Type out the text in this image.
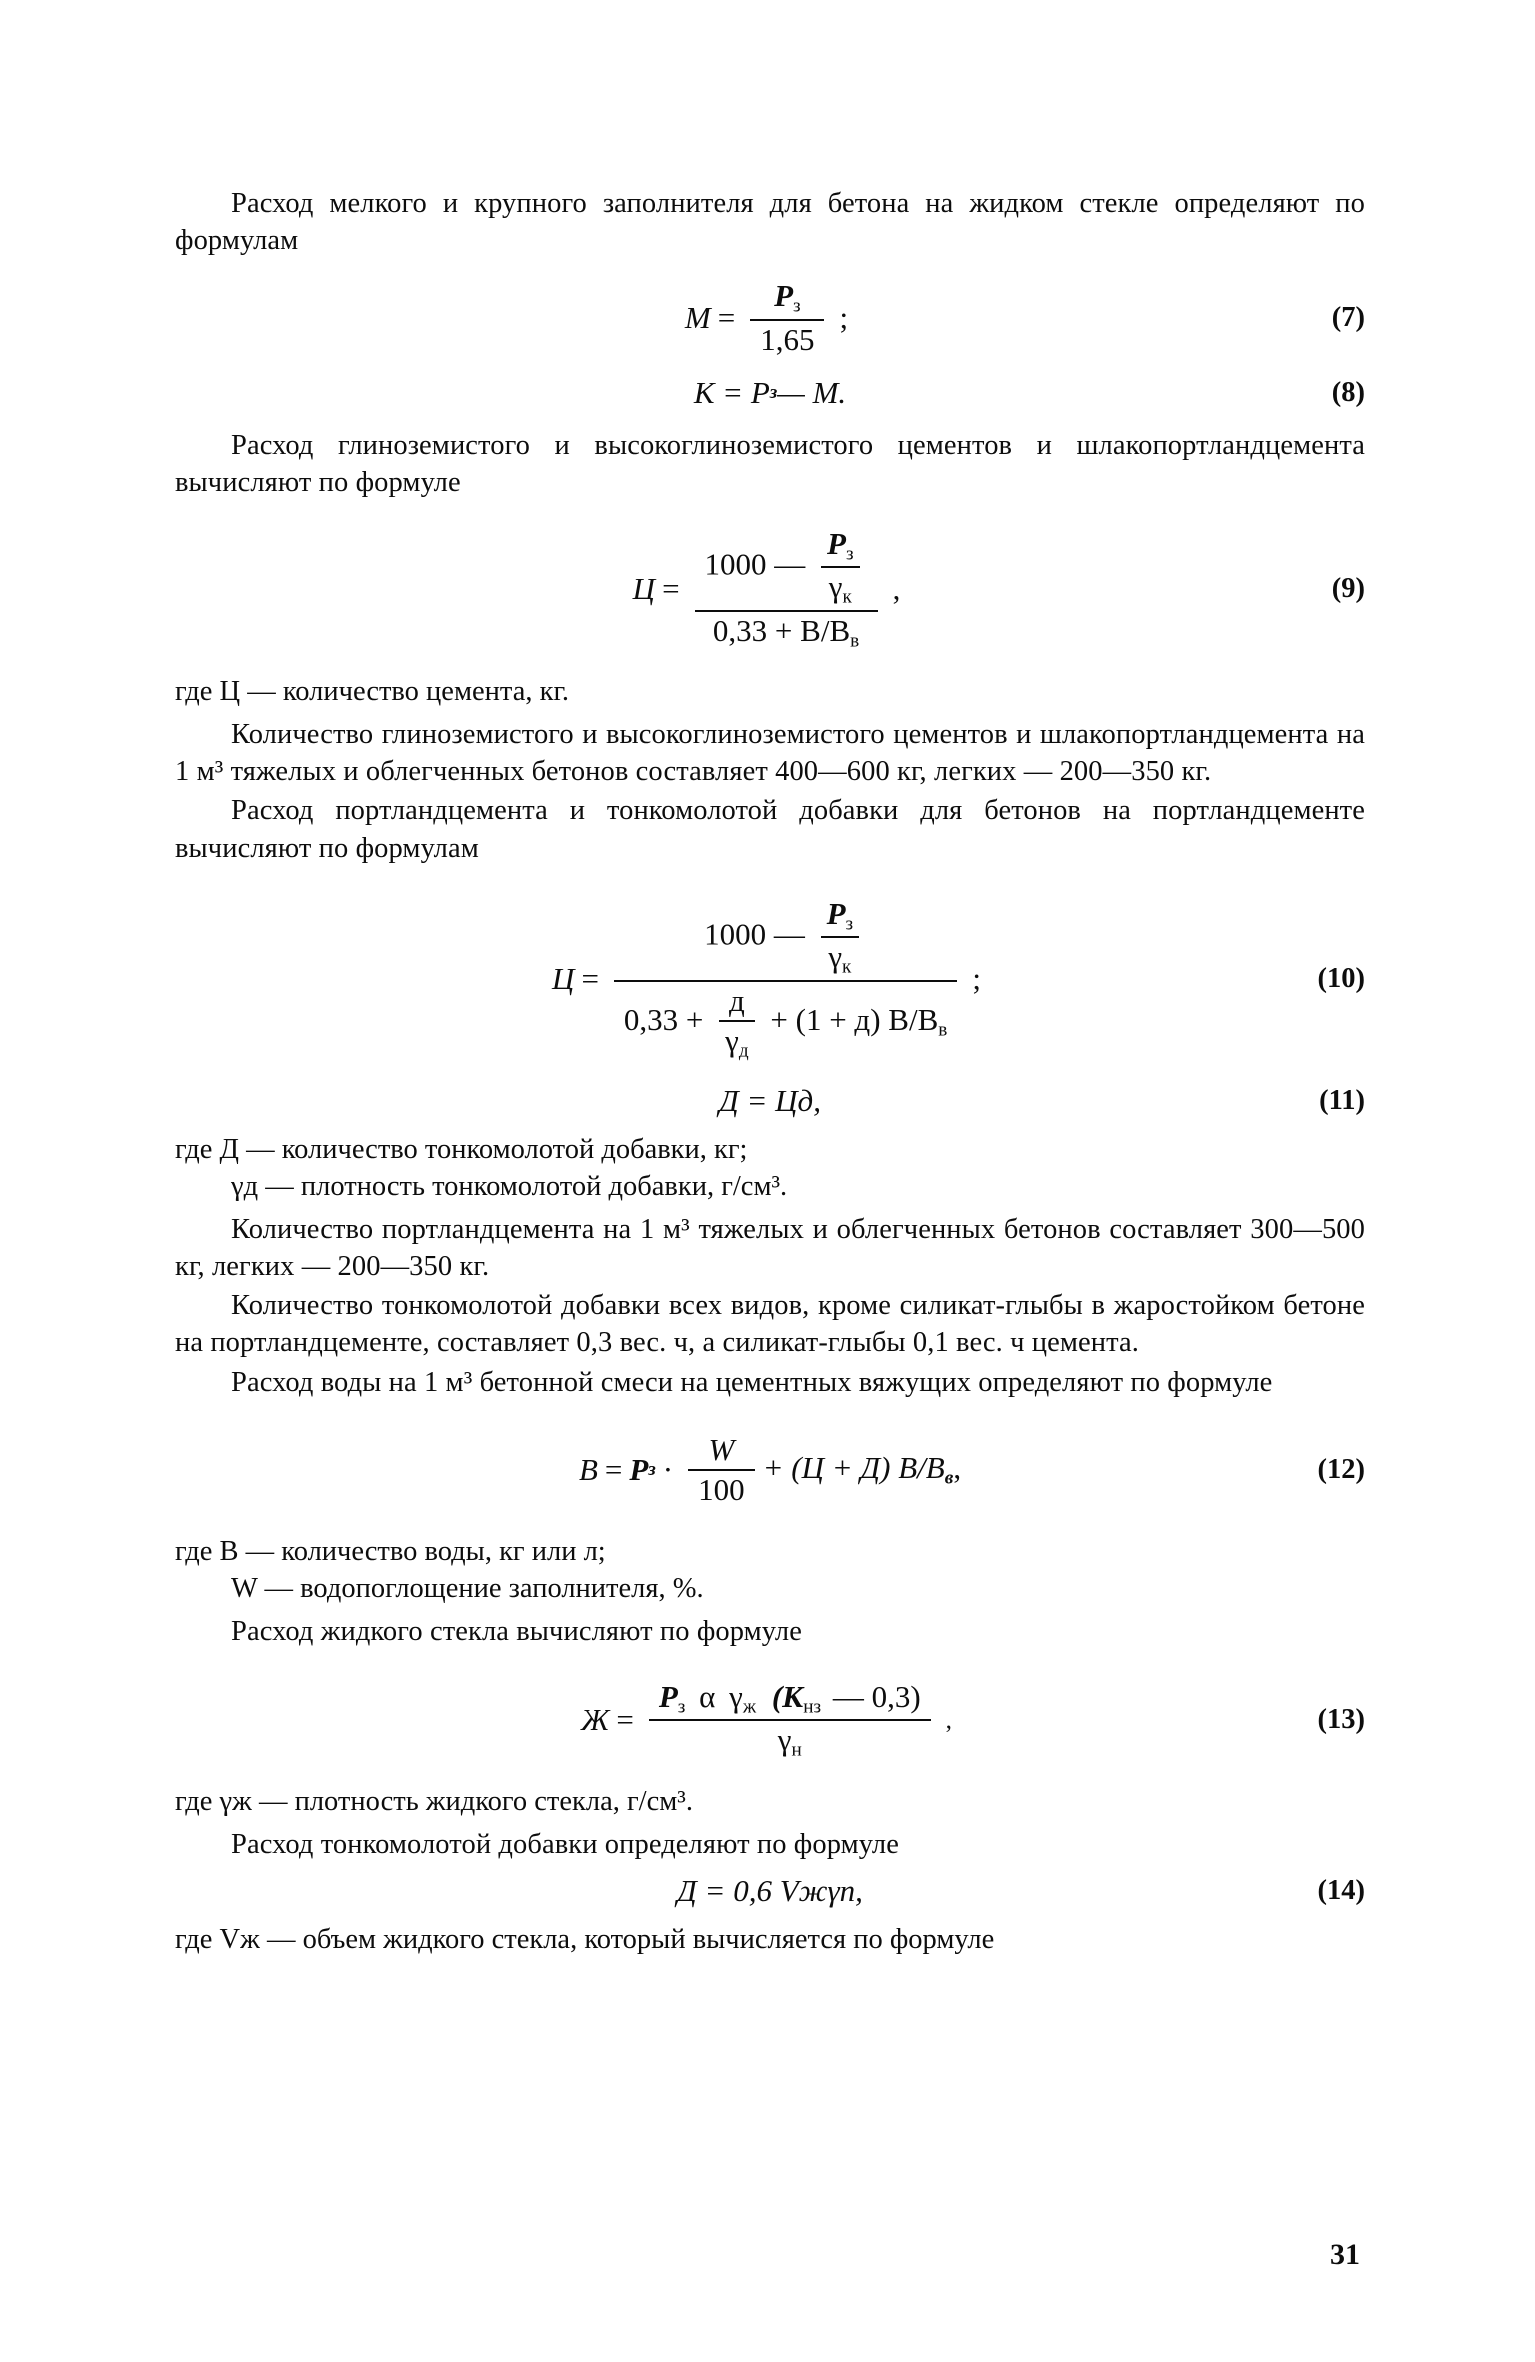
Расход мелкого и крупного заполнителя для бетона на жидком стекле определяют по формулам

$М = \frac{Р_з}{1,65}$ ;	(7)
К = Р з — М.	(8)

Расход глиноземистого и высокоглиноземистого цементов и шлакопортландцемента вычисляют по формуле

$Ц = \frac{1000 — \frac{Р_з}{\gamma_к}}{0,33 + В/В_в}$ ,	(9)
где Ц — количество цемента, кг.

Количество глиноземистого и высокоглиноземистого цементов и шлакопортландцемента на 1 м³ тяжелых и облегченных бетонов составляет 400—600 кг, легких — 200—350 кг.

Расход портландцемента и тонкомолотой добавки для бетонов на портландцементе вычисляют по формулам

Ц =
1000 — $\frac{Р_з}{\gamma_к}$
$0,33 + \frac{д}{\gamma_д} + (1 + д)$ $В/В_в$
;	(10)
Д = Цд,	(11)
где Д — количество тонкомолотой добавки, кг;
γд — плотность тонкомолотой добавки, г/см³.

Количество портландцемента на 1 м³ тяжелых и облегченных бетонов составляет 300—500 кг, легких — 200—350 кг.

Количество тонкомолотой добавки всех видов, кроме силикат-глыбы в жаростойком бетоне на портландцементе, составляет 0,3 вес. ч, а силикат-глыбы 0,1 вес. ч цемента.

Расход воды на 1 м³ бетонной смеси на цементных вяжущих определяют по формуле

В = Р $з \cdot \frac{W}{100} + (Ц + Д)$ $В/В_в$,	(12)
где В — количество воды, кг или л;
W — водопоглощение заполнителя, %.

Расход жидкого стекла вычисляют по формуле

$Ж = \frac{Р_з \alpha \gamma_ж (К_{нз} — 0,3)}{\gamma_н}$ ,	(13)
где γж — плотность жидкого стекла, г/см³.

Расход тонкомолотой добавки определяют по формуле

Д = 0,6 Vжγп,	(14)
где Vж — объем жидкого стекла, который вычисляется по формуле
31
